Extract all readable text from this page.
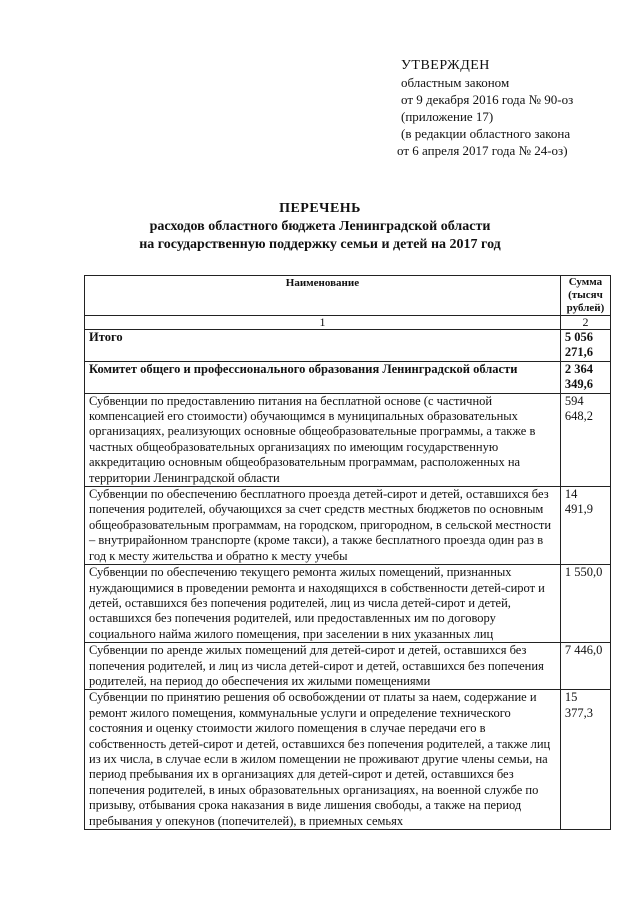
УТВЕРЖДЕН
областным законом
от 9 декабря 2016 года № 90-оз
(приложение 17)
(в редакции областного закона
от 6 апреля 2017 года № 24-оз)
ПЕРЕЧЕНЬ
расходов областного бюджета Ленинградской области
на государственную поддержку семьи и детей на 2017 год
Наименование	Сумма
(тысяч рублей)

1	2
Итого	5 056 271,6
Комитет общего и профессионального образования Ленинградской области	2 364 349,6
Субвенции по предоставлению питания на бесплатной основе (с частичной компенсацией его стоимости) обучающимся в муниципальных образовательных организациях, реализующих основные общеобразовательные программы, а также в частных общеобразовательных организациях по имеющим государственную аккредитацию основным общеобразовательным программам, расположенных на территории Ленинградской области	594 648,2
Субвенции по обеспечению бесплатного проезда детей-сирот и детей, оставшихся без попечения родителей, обучающихся за счет средств местных бюджетов по основным общеобразовательным программам, на городском, пригородном, в сельской местности – внутрирайонном транспорте (кроме такси), а также бесплатного проезда один раз в год к месту жительства и обратно к месту учебы	14 491,9
Субвенции по обеспечению текущего ремонта жилых помещений, признанных нуждающимися в проведении ремонта и находящихся в собственности детей-сирот и детей, оставшихся без попечения родителей, лиц из числа детей-сирот и детей, оставшихся без попечения родителей, или предоставленных им по договору социального найма жилого помещения, при заселении в них указанных лиц	1 550,0
Субвенции по аренде жилых помещений для детей-сирот и детей, оставшихся без попечения родителей, и лиц из числа детей-сирот и детей, оставшихся без попечения родителей, на период до обеспечения их жилыми помещениями	7 446,0
Субвенции по принятию решения об освобождении от платы за наем, содержание и ремонт жилого помещения, коммунальные услуги и определение технического состояния и оценку стоимости жилого помещения в случае передачи его в собственность детей-сирот и детей, оставшихся без попечения родителей, а также лиц из их числа, в случае если в жилом помещении не проживают другие члены семьи, на период пребывания их в организациях для детей-сирот и детей, оставшихся без попечения родителей, в иных образовательных организациях, на военной службе по призыву, отбывания срока наказания в виде лишения свободы, а также на период пребывания у опекунов (попечителей), в приемных семьях	15 377,3
